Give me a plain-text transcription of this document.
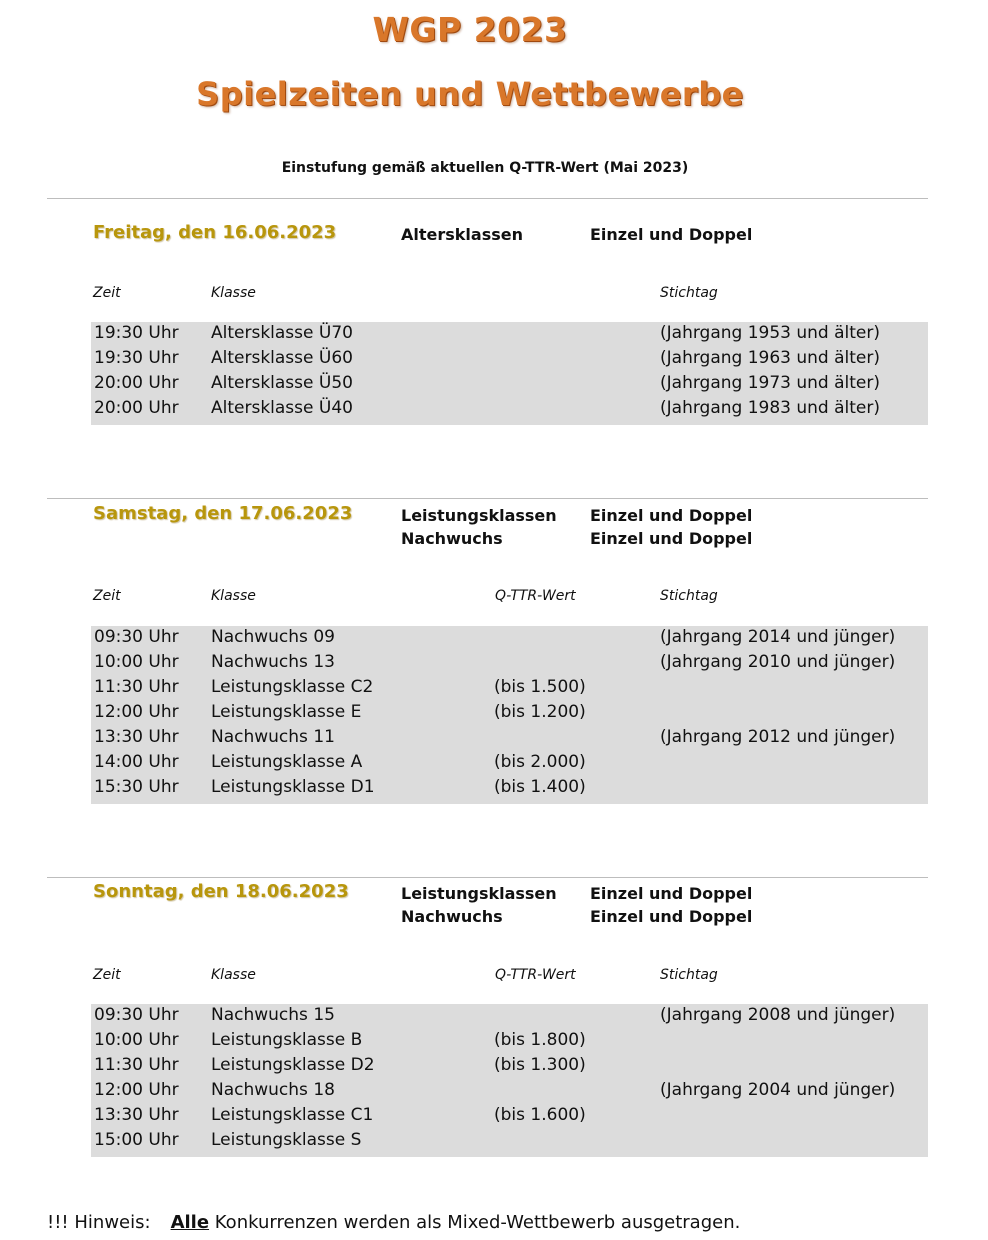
WGP 2023
Spielzeiten und Wettbewerbe

Einstufung gemäß aktuellen Q-TTR-Wert (Mai 2023)

Freitag, den 16.06.2023	Altersklassen	Einzel und Doppel
Zeit	Klasse	Stichtag
19:30 Uhr Altersklasse Ü70	(Jahrgang 1953 und älter)
19:30 Uhr Altersklasse Ü60	(Jahrgang 1963 und älter)
20:00 Uhr Altersklasse Ü50	(Jahrgang 1973 und älter)
20:00 Uhr Altersklasse Ü40	(Jahrgang 1983 und älter)
Samstag, den 17.06.2023	Leistungsklassen Einzel und Doppel
Nachwuchs	Einzel und Doppel
Zeit	Klasse	Q-TTR-Wert	Stichtag
09:30 Uhr Nachwuchs 09	(Jahrgang 2014 und jünger)
10:00 Uhr Nachwuchs 13	(Jahrgang 2010 und jünger)
11:30 Uhr Leistungsklasse C2	(bis 1.500)
12:00 Uhr Leistungsklasse E	(bis 1.200)
13:30 Uhr Nachwuchs 11	(Jahrgang 2012 und jünger)
14:00 Uhr Leistungsklasse A	(bis 2.000)
15:30 Uhr Leistungsklasse D1	(bis 1.400)
Sonntag, den 18.06.2023	Leistungsklassen Einzel und Doppel
Nachwuchs	Einzel und Doppel
Zeit	Klasse	Q-TTR-Wert	Stichtag
09:30 Uhr Nachwuchs 15	(Jahrgang 2008 und jünger)
10:00 Uhr Leistungsklasse B	(bis 1.800)
11:30 Uhr Leistungsklasse D2	(bis 1.300)
12:00 Uhr Nachwuchs 18	(Jahrgang 2004 und jünger)
13:30 Uhr Leistungsklasse C1	(bis 1.600)
15:00 Uhr Leistungsklasse S
!!! Hinweis: Alle Konkurrenzen werden als Mixed-Wettbewerb ausgetragen.
